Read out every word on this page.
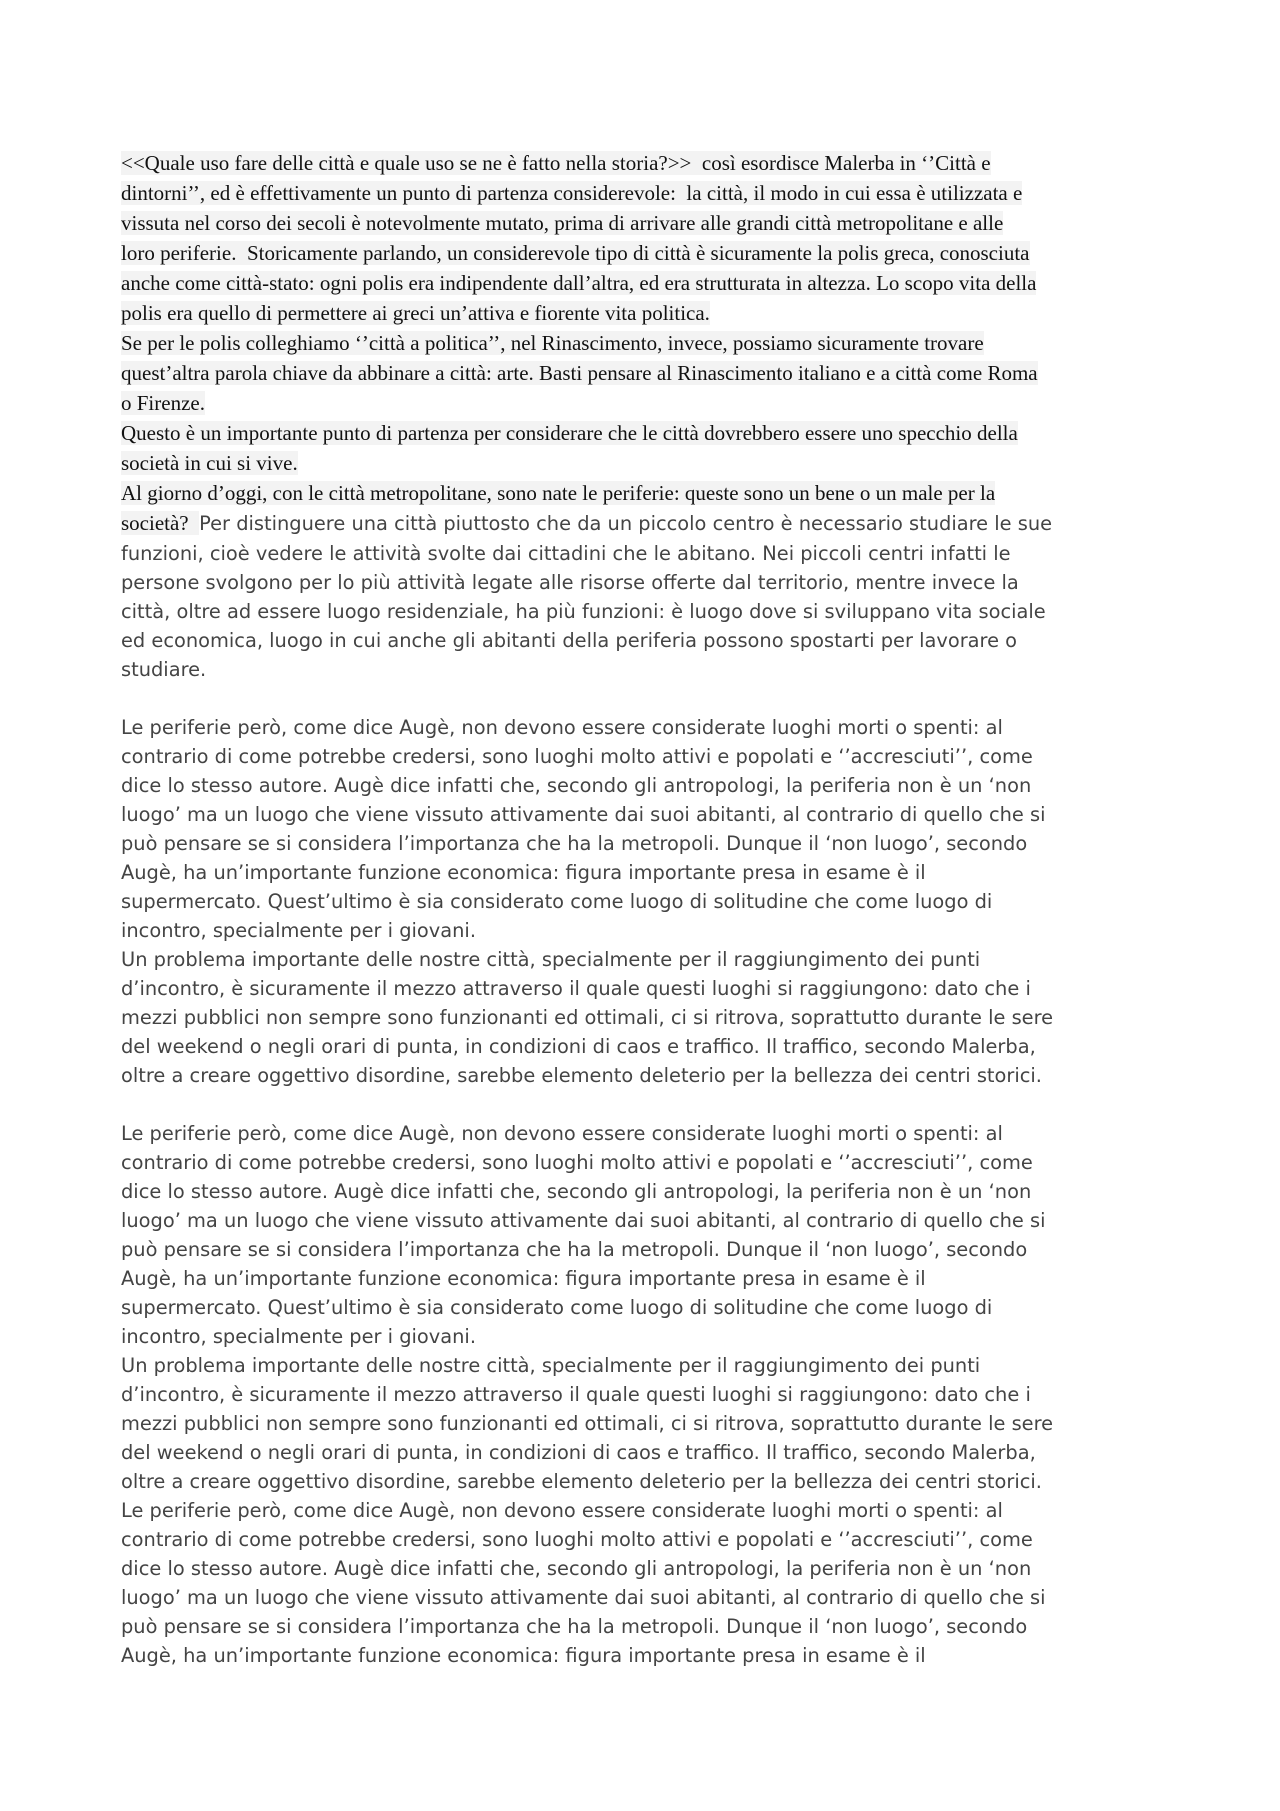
<<Quale uso fare delle città e quale uso se ne è fatto nella storia?>>  così esordisce Malerba in ‘’Città e
dintorni’’, ed è effettivamente un punto di partenza considerevole:  la città, il modo in cui essa è utilizzata e
vissuta nel corso dei secoli è notevolmente mutato, prima di arrivare alle grandi città metropolitane e alle
loro periferie.  Storicamente parlando, un considerevole tipo di città è sicuramente la polis greca, conosciuta
anche come città-stato: ogni polis era indipendente dall’altra, ed era strutturata in altezza. Lo scopo vita della
polis era quello di permettere ai greci un’attiva e fiorente vita politica.
Se per le polis colleghiamo ‘’città a politica’’, nel Rinascimento, invece, possiamo sicuramente trovare
quest’altra parola chiave da abbinare a città: arte. Basti pensare al Rinascimento italiano e a città come Roma
o Firenze.
Questo è un importante punto di partenza per considerare che le città dovrebbero essere uno specchio della
società in cui si vive.
Al giorno d’oggi, con le città metropolitane, sono nate le periferie: queste sono un bene o un male per la
società?  Per distinguere una città piuttosto che da un piccolo centro è necessario studiare le sue
funzioni, cioè vedere le attività svolte dai cittadini che le abitano. Nei piccoli centri infatti le
persone svolgono per lo più attività legate alle risorse offerte dal territorio, mentre invece la
città, oltre ad essere luogo residenziale, ha più funzioni: è luogo dove si sviluppano vita sociale
ed economica, luogo in cui anche gli abitanti della periferia possono spostarti per lavorare o
studiare.
Le periferie però, come dice Augè, non devono essere considerate luoghi morti o spenti: al
contrario di come potrebbe credersi, sono luoghi molto attivi e popolati e ‘’accresciuti’’, come
dice lo stesso autore. Augè dice infatti che, secondo gli antropologi, la periferia non è un ‘non
luogo’ ma un luogo che viene vissuto attivamente dai suoi abitanti, al contrario di quello che si
può pensare se si considera l’importanza che ha la metropoli. Dunque il ‘non luogo’, secondo
Augè, ha un’importante funzione economica: figura importante presa in esame è il
supermercato. Quest’ultimo è sia considerato come luogo di solitudine che come luogo di
incontro, specialmente per i giovani.
Un problema importante delle nostre città, specialmente per il raggiungimento dei punti
d’incontro, è sicuramente il mezzo attraverso il quale questi luoghi si raggiungono: dato che i
mezzi pubblici non sempre sono funzionanti ed ottimali, ci si ritrova, soprattutto durante le sere
del weekend o negli orari di punta, in condizioni di caos e traffico. Il traffico, secondo Malerba,
oltre a creare oggettivo disordine, sarebbe elemento deleterio per la bellezza dei centri storici.
Le periferie però, come dice Augè, non devono essere considerate luoghi morti o spenti: al
contrario di come potrebbe credersi, sono luoghi molto attivi e popolati e ‘’accresciuti’’, come
dice lo stesso autore. Augè dice infatti che, secondo gli antropologi, la periferia non è un ‘non
luogo’ ma un luogo che viene vissuto attivamente dai suoi abitanti, al contrario di quello che si
può pensare se si considera l’importanza che ha la metropoli. Dunque il ‘non luogo’, secondo
Augè, ha un’importante funzione economica: figura importante presa in esame è il
supermercato. Quest’ultimo è sia considerato come luogo di solitudine che come luogo di
incontro, specialmente per i giovani.
Un problema importante delle nostre città, specialmente per il raggiungimento dei punti
d’incontro, è sicuramente il mezzo attraverso il quale questi luoghi si raggiungono: dato che i
mezzi pubblici non sempre sono funzionanti ed ottimali, ci si ritrova, soprattutto durante le sere
del weekend o negli orari di punta, in condizioni di caos e traffico. Il traffico, secondo Malerba,
oltre a creare oggettivo disordine, sarebbe elemento deleterio per la bellezza dei centri storici.
Le periferie però, come dice Augè, non devono essere considerate luoghi morti o spenti: al
contrario di come potrebbe credersi, sono luoghi molto attivi e popolati e ‘’accresciuti’’, come
dice lo stesso autore. Augè dice infatti che, secondo gli antropologi, la periferia non è un ‘non
luogo’ ma un luogo che viene vissuto attivamente dai suoi abitanti, al contrario di quello che si
può pensare se si considera l’importanza che ha la metropoli. Dunque il ‘non luogo’, secondo
Augè, ha un’importante funzione economica: figura importante presa in esame è il
